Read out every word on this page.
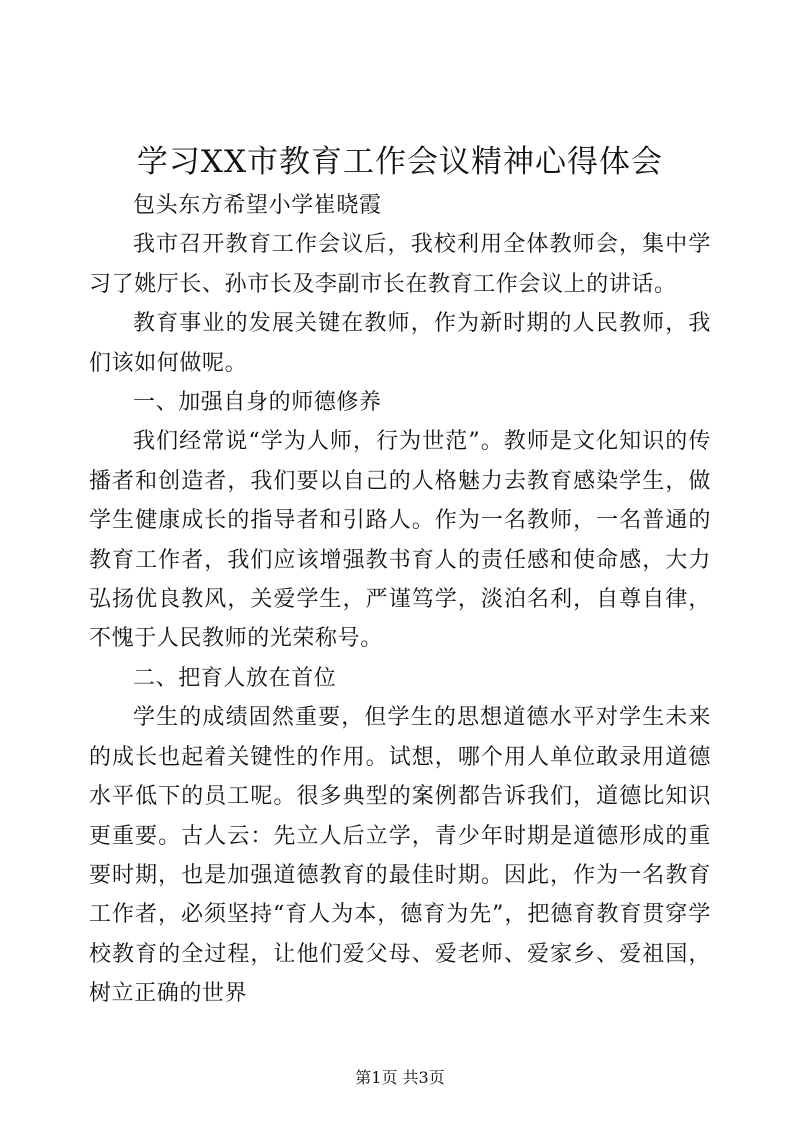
学习XX市教育工作会议精神心得体会

包头东方希望小学崔晓霞

我市召开教育工作会议后，我校利用全体教师会，集中学习了姚厅长、孙市长及李副市长在教育工作会议上的讲话。

教育事业的发展关键在教师，作为新时期的人民教师，我们该如何做呢。

一、加强自身的师德修养

我们经常说“学为人师，行为世范”。教师是文化知识的传播者和创造者，我们要以自己的人格魅力去教育感染学生，做学生健康成长的指导者和引路人。作为一名教师，一名普通的教育工作者，我们应该增强教书育人的责任感和使命感，大力弘扬优良教风，关爱学生，严谨笃学，淡泊名利，自尊自律，不愧于人民教师的光荣称号。

二、把育人放在首位

学生的成绩固然重要，但学生的思想道德水平对学生未来的成长也起着关键性的作用。试想，哪个用人单位敢录用道德水平低下的员工呢。很多典型的案例都告诉我们，道德比知识更重要。古人云：先立人后立学，青少年时期是道德形成的重要时期，也是加强道德教育的最佳时期。因此，作为一名教育工作者，必须坚持“育人为本，德育为先”，把德育教育贯穿学校教育的全过程，让他们爱父母、爱老师、爱家乡、爱祖国，树立正确的世界

第1页 共3页
